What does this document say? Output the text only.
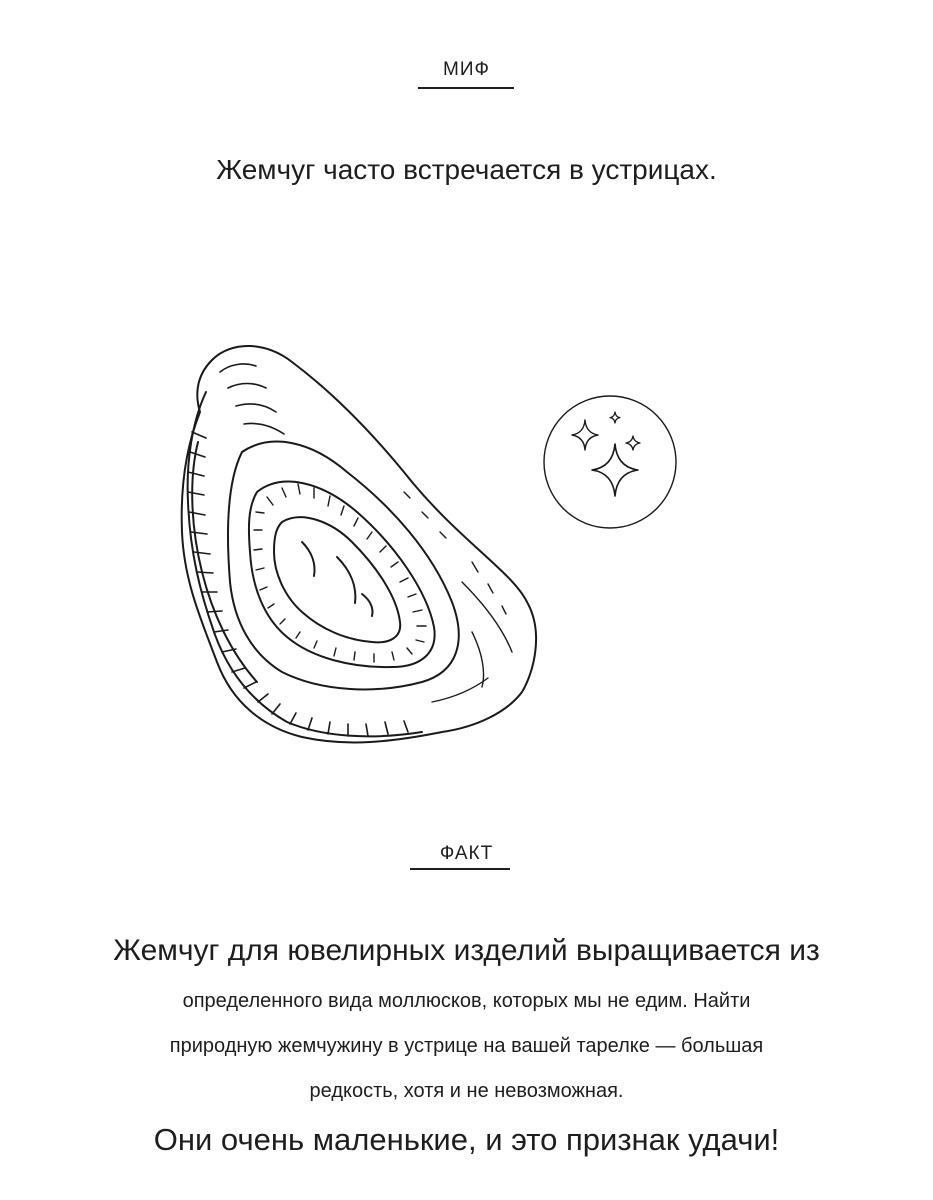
МИФ
Жемчуг часто встречается в устрицах.
ФАКТ
Жемчуг для ювелирных изделий выращивается из
определенного вида моллюсков, которых мы не едим. Найти
природную жемчужину в устрице на вашей тарелке — большая
редкость, хотя и не невозможная.
Они очень маленькие, и это признак удачи!
